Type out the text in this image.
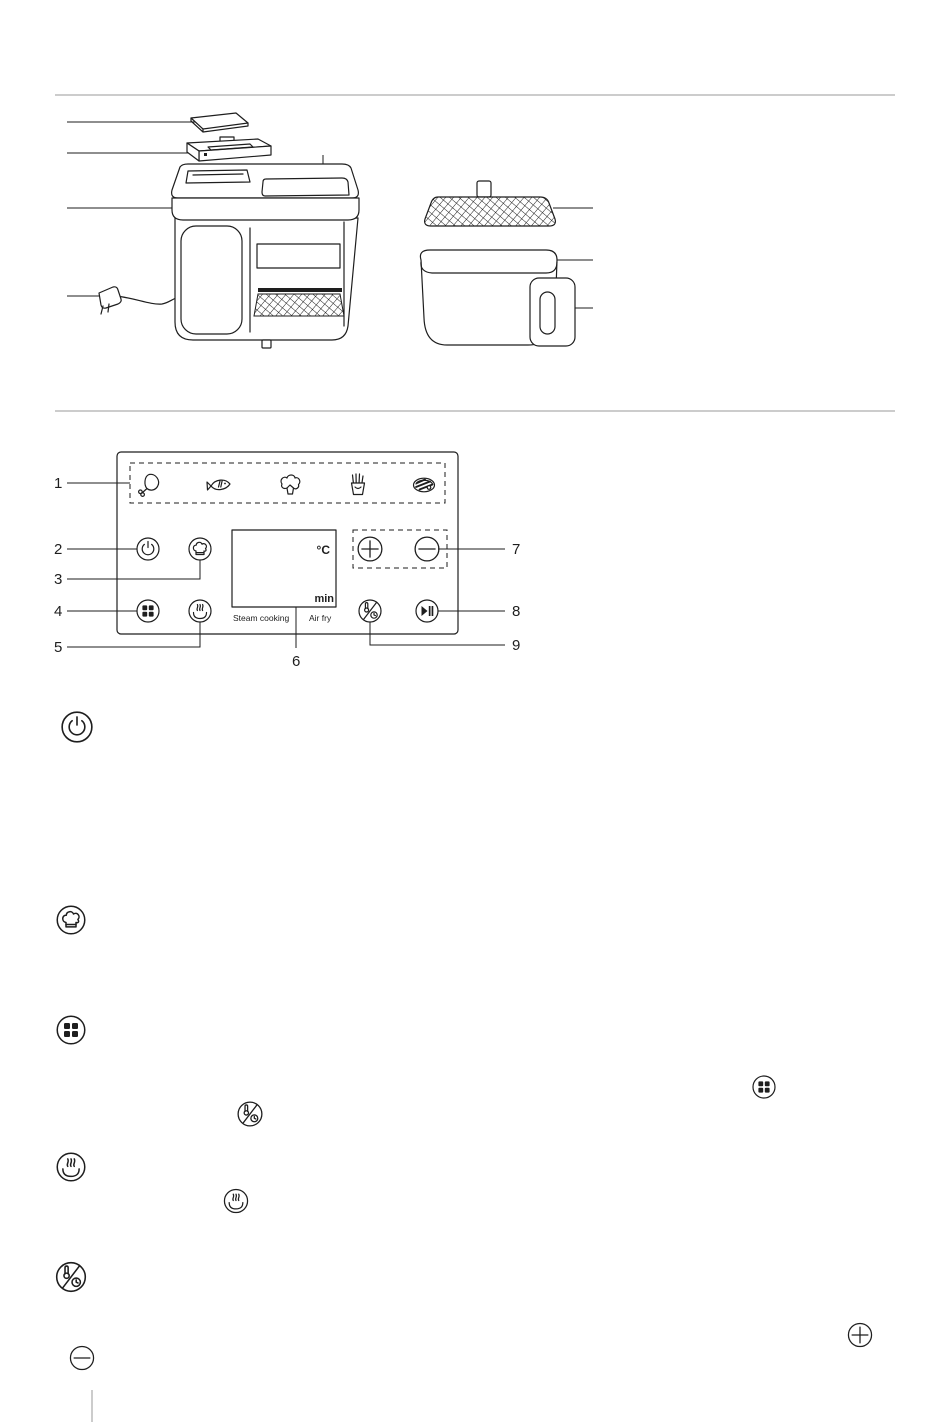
°C
min
Steam cooking Air fry
1
2
3
4
5
6
7
8
9
